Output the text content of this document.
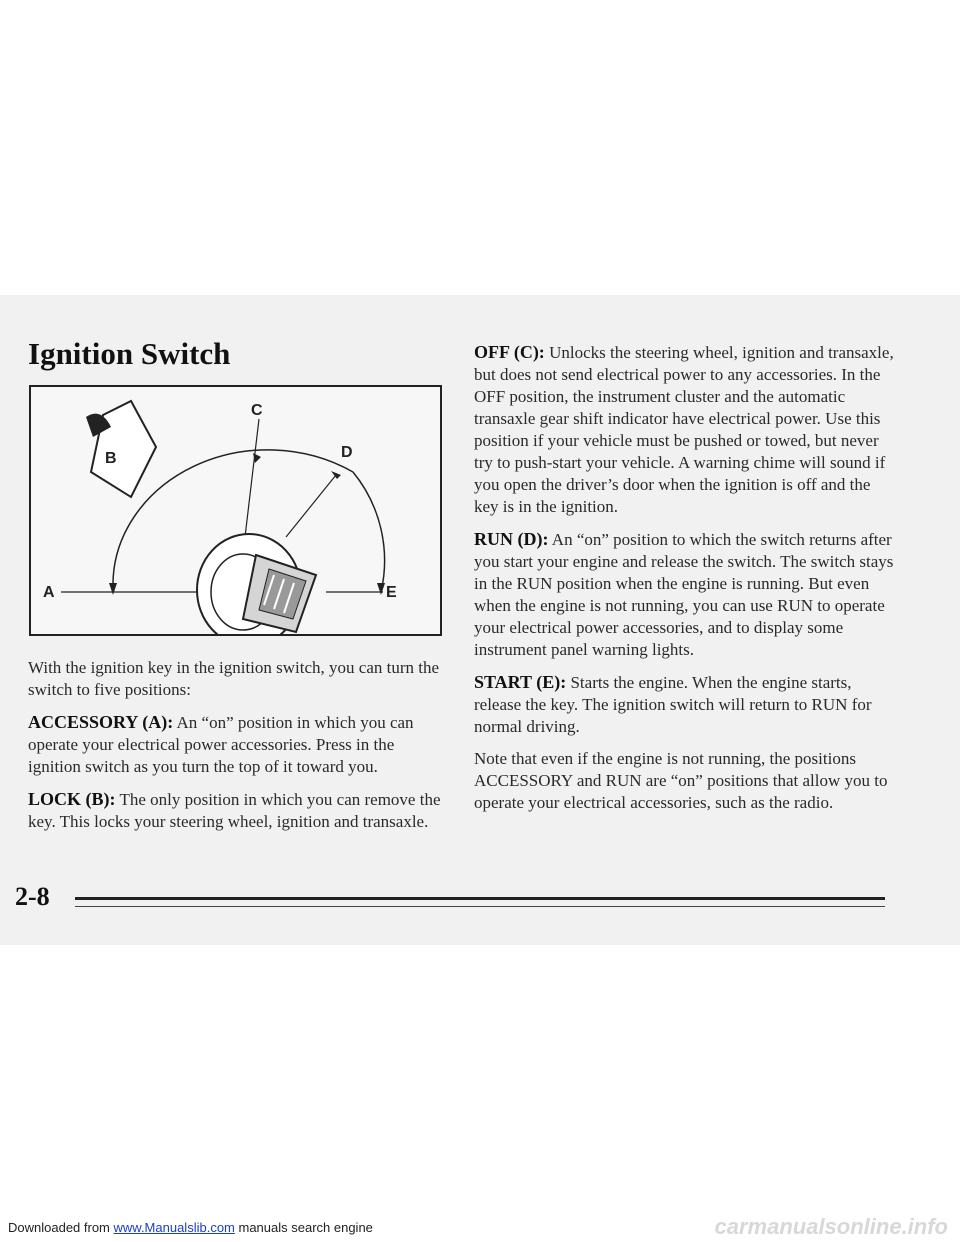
Ignition Switch
B
C
D
A	E

With the ignition key in the ignition switch, you can turn the switch to five positions:

ACCESSORY (A): An “on” position in which you can operate your electrical power accessories. Press in the ignition switch as you turn the top of it toward you.

LOCK (B): The only position in which you can remove the key. This locks your steering wheel, ignition and transaxle.

OFF (C): Unlocks the steering wheel, ignition and transaxle, but does not send electrical power to any accessories. In the OFF position, the instrument cluster and the automatic transaxle gear shift indicator have electrical power. Use this position if your vehicle must be pushed or towed, but never try to push-start your vehicle. A warning chime will sound if you open the driver’s door when the ignition is off and the key is in the ignition.

RUN (D): An “on” position to which the switch returns after you start your engine and release the switch. The switch stays in the RUN position when the engine is running. But even when the engine is not running, you can use RUN to operate your electrical power accessories, and to display some instrument panel warning lights.

START (E): Starts the engine. When the engine starts, release the key. The ignition switch will return to RUN for normal driving.

Note that even if the engine is not running, the positions ACCESSORY and RUN are “on” positions that allow you to operate your electrical accessories, such as the radio.

2-8
Downloaded from www.Manualslib.com manuals search engine	carmanualsonline.info
